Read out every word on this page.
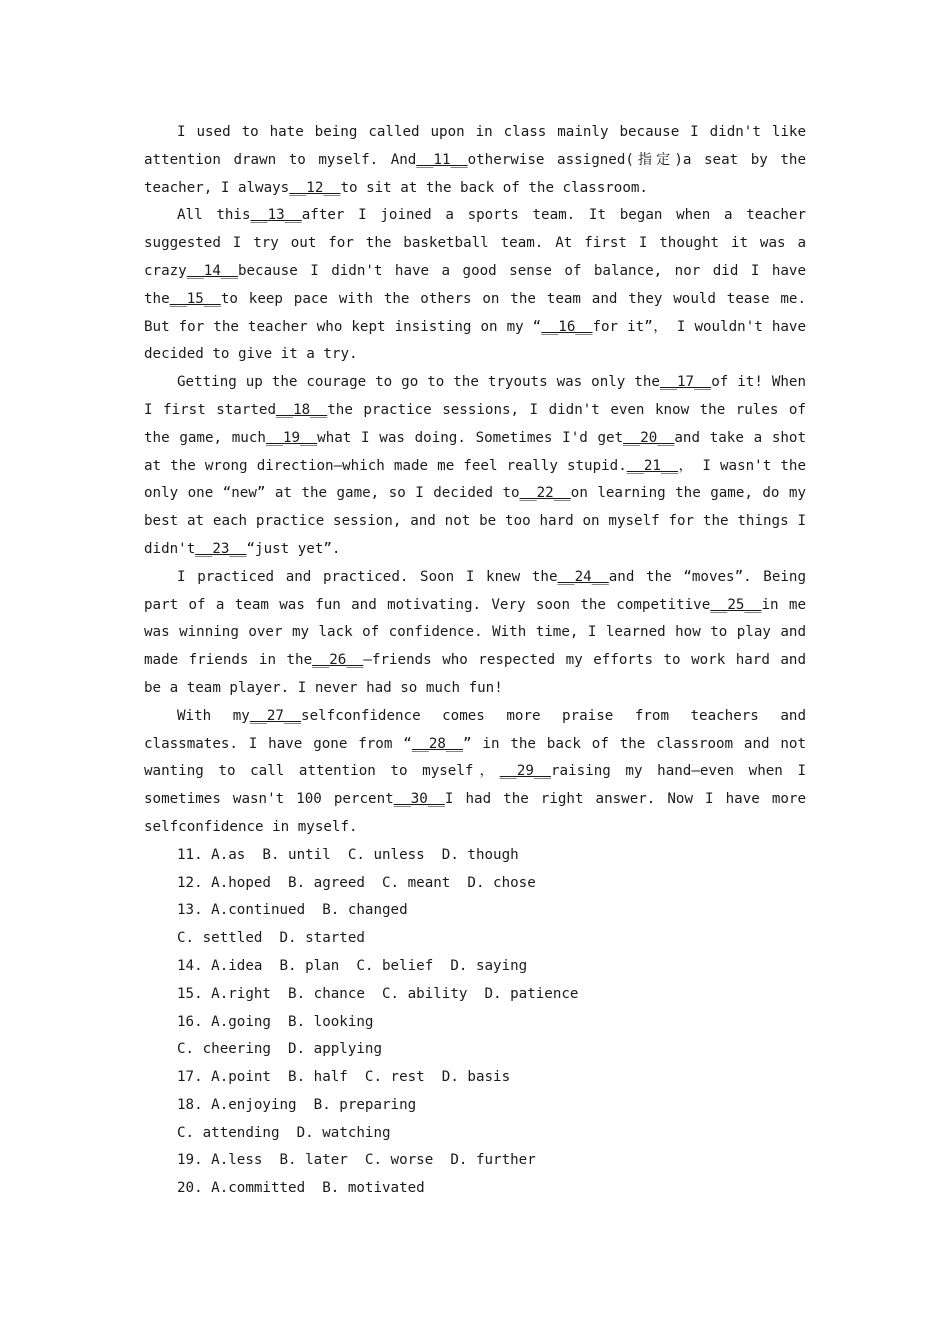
I used to hate being called upon in class mainly because I didn't like attention drawn to myself. And__11__otherwise assigned(指定)a seat by the teacher, I always__12__to sit at the back of the classroom.

All this__13__after I joined a sports team. It began when a teacher suggested I try out for the basketball team. At first I thought it was a crazy__14__because I didn't have a good sense of balance, nor did I have the__15__to keep pace with the others on the team and they would tease me. But for the teacher who kept insisting on my “__16__for it”， I wouldn't have decided to give it a try.

Getting up the courage to go to the tryouts was only the__17__of it! When I first started__18__the practice sessions, I didn't even know the rules of the game, much__19__what I was doing. Sometimes I'd get__20__and take a shot at the wrong direction—which made me feel really stupid.__21__， I wasn't the only one “new” at the game, so I decided to__22__on learning the game, do my best at each practice session, and not be too hard on myself for the things I didn't__23__“just yet”.

I practiced and practiced. Soon I knew the__24__and the “moves”. Being part of a team was fun and motivating. Very soon the competitive__25__in me was winning over my lack of confidence. With time, I learned how to play and made friends in the__26__—friends who respected my efforts to work hard and be a team player. I never had so much fun!

With my__27__selfconfidence comes more praise from teachers and classmates. I have gone from “__28__” in the back of the classroom and not wanting to call attention to myself，__29__raising my hand—even when I sometimes wasn't 100 percent__30__I had the right answer. Now I have more selfconfidence in myself.

11. A.as  B. until  C. unless  D. though

12. A.hoped  B. agreed  C. meant  D. chose

13. A.continued  B. changed

C. settled  D. started

14. A.idea  B. plan  C. belief  D. saying

15. A.right  B. chance  C. ability  D. patience

16. A.going  B. looking

C. cheering  D. applying

17. A.point  B. half  C. rest  D. basis

18. A.enjoying  B. preparing

C. attending  D. watching

19. A.less  B. later  C. worse  D. further

20. A.committed  B. motivated
